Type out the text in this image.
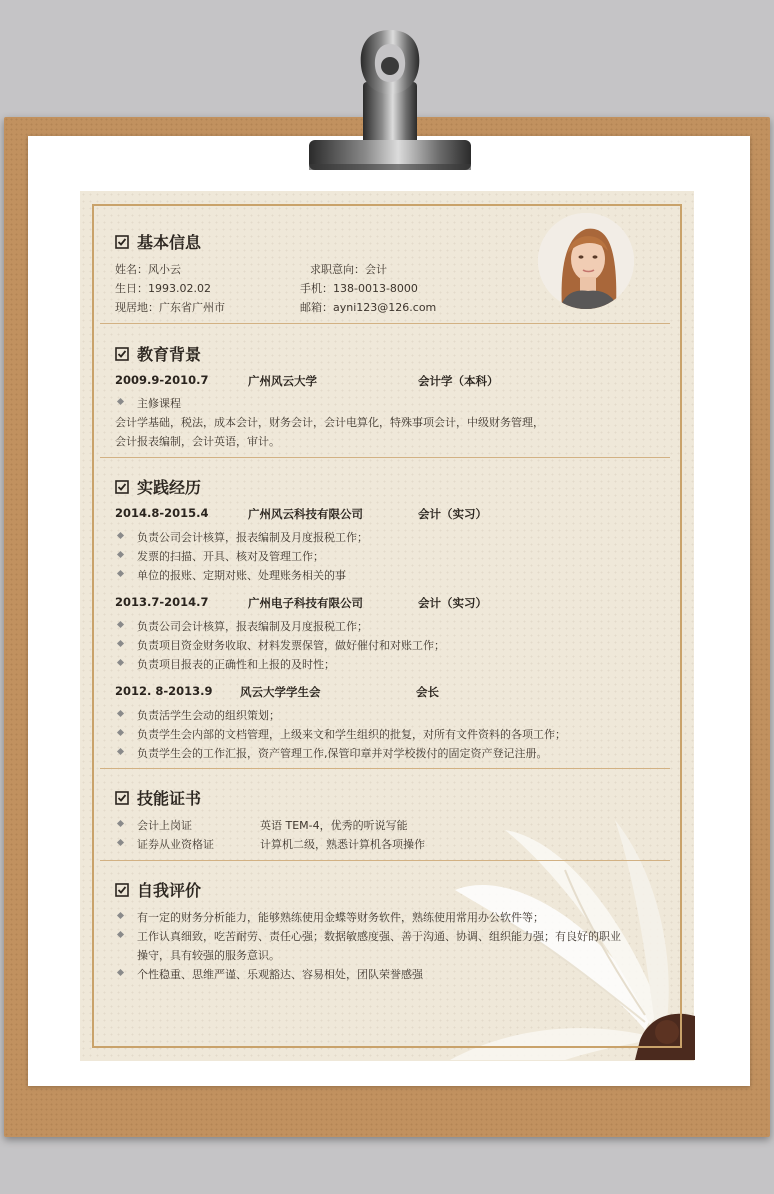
基本信息
姓名：风小云	求职意向：会计
生日：1993.02.02	手机：138-0013-8000
现居地：广东省广州市	邮箱：ayni123@126.com
教育背景
2009.9-2010.7	广州风云大学	会计学（本科）
主修课程
会计学基础，税法，成本会计，财务会计，会计电算化，特殊事项会计，中级财务管理，
会计报表编制，会计英语，审计。
实践经历
2014.8-2015.4	广州风云科技有限公司	会计（实习）
负责公司会计核算，报表编制及月度报税工作；
发票的扫描、开具、核对及管理工作；
单位的报账、定期对账、处理账务相关的事
2013.7-2014.7	广州电子科技有限公司	会计（实习）
负责公司会计核算，报表编制及月度报税工作；
负责项目资金财务收取、材料发票保管，做好催付和对账工作；
负责项目报表的正确性和上报的及时性；
2012. 8-2013.9 风云大学学生会	会长
负责活学生会动的组织策划；
负责学生会内部的文档管理，上级来文和学生组织的批复，对所有文件资料的各项工作；
负责学生会的工作汇报，资产管理工作,保管印章并对学校拨付的固定资产登记注册。
技能证书
会计上岗证	英语 TEM-4，优秀的听说写能
证券从业资格证	计算机二级，熟悉计算机各项操作
自我评价
有一定的财务分析能力，能够熟练使用金蝶等财务软件，熟练使用常用办公软件等；
工作认真细致，吃苦耐劳、责任心强；数据敏感度强、善于沟通、协调、组织能力强；有良好的职业
操守，具有较强的服务意识。
个性稳重、思维严谨、乐观豁达、容易相处，团队荣誉感强
